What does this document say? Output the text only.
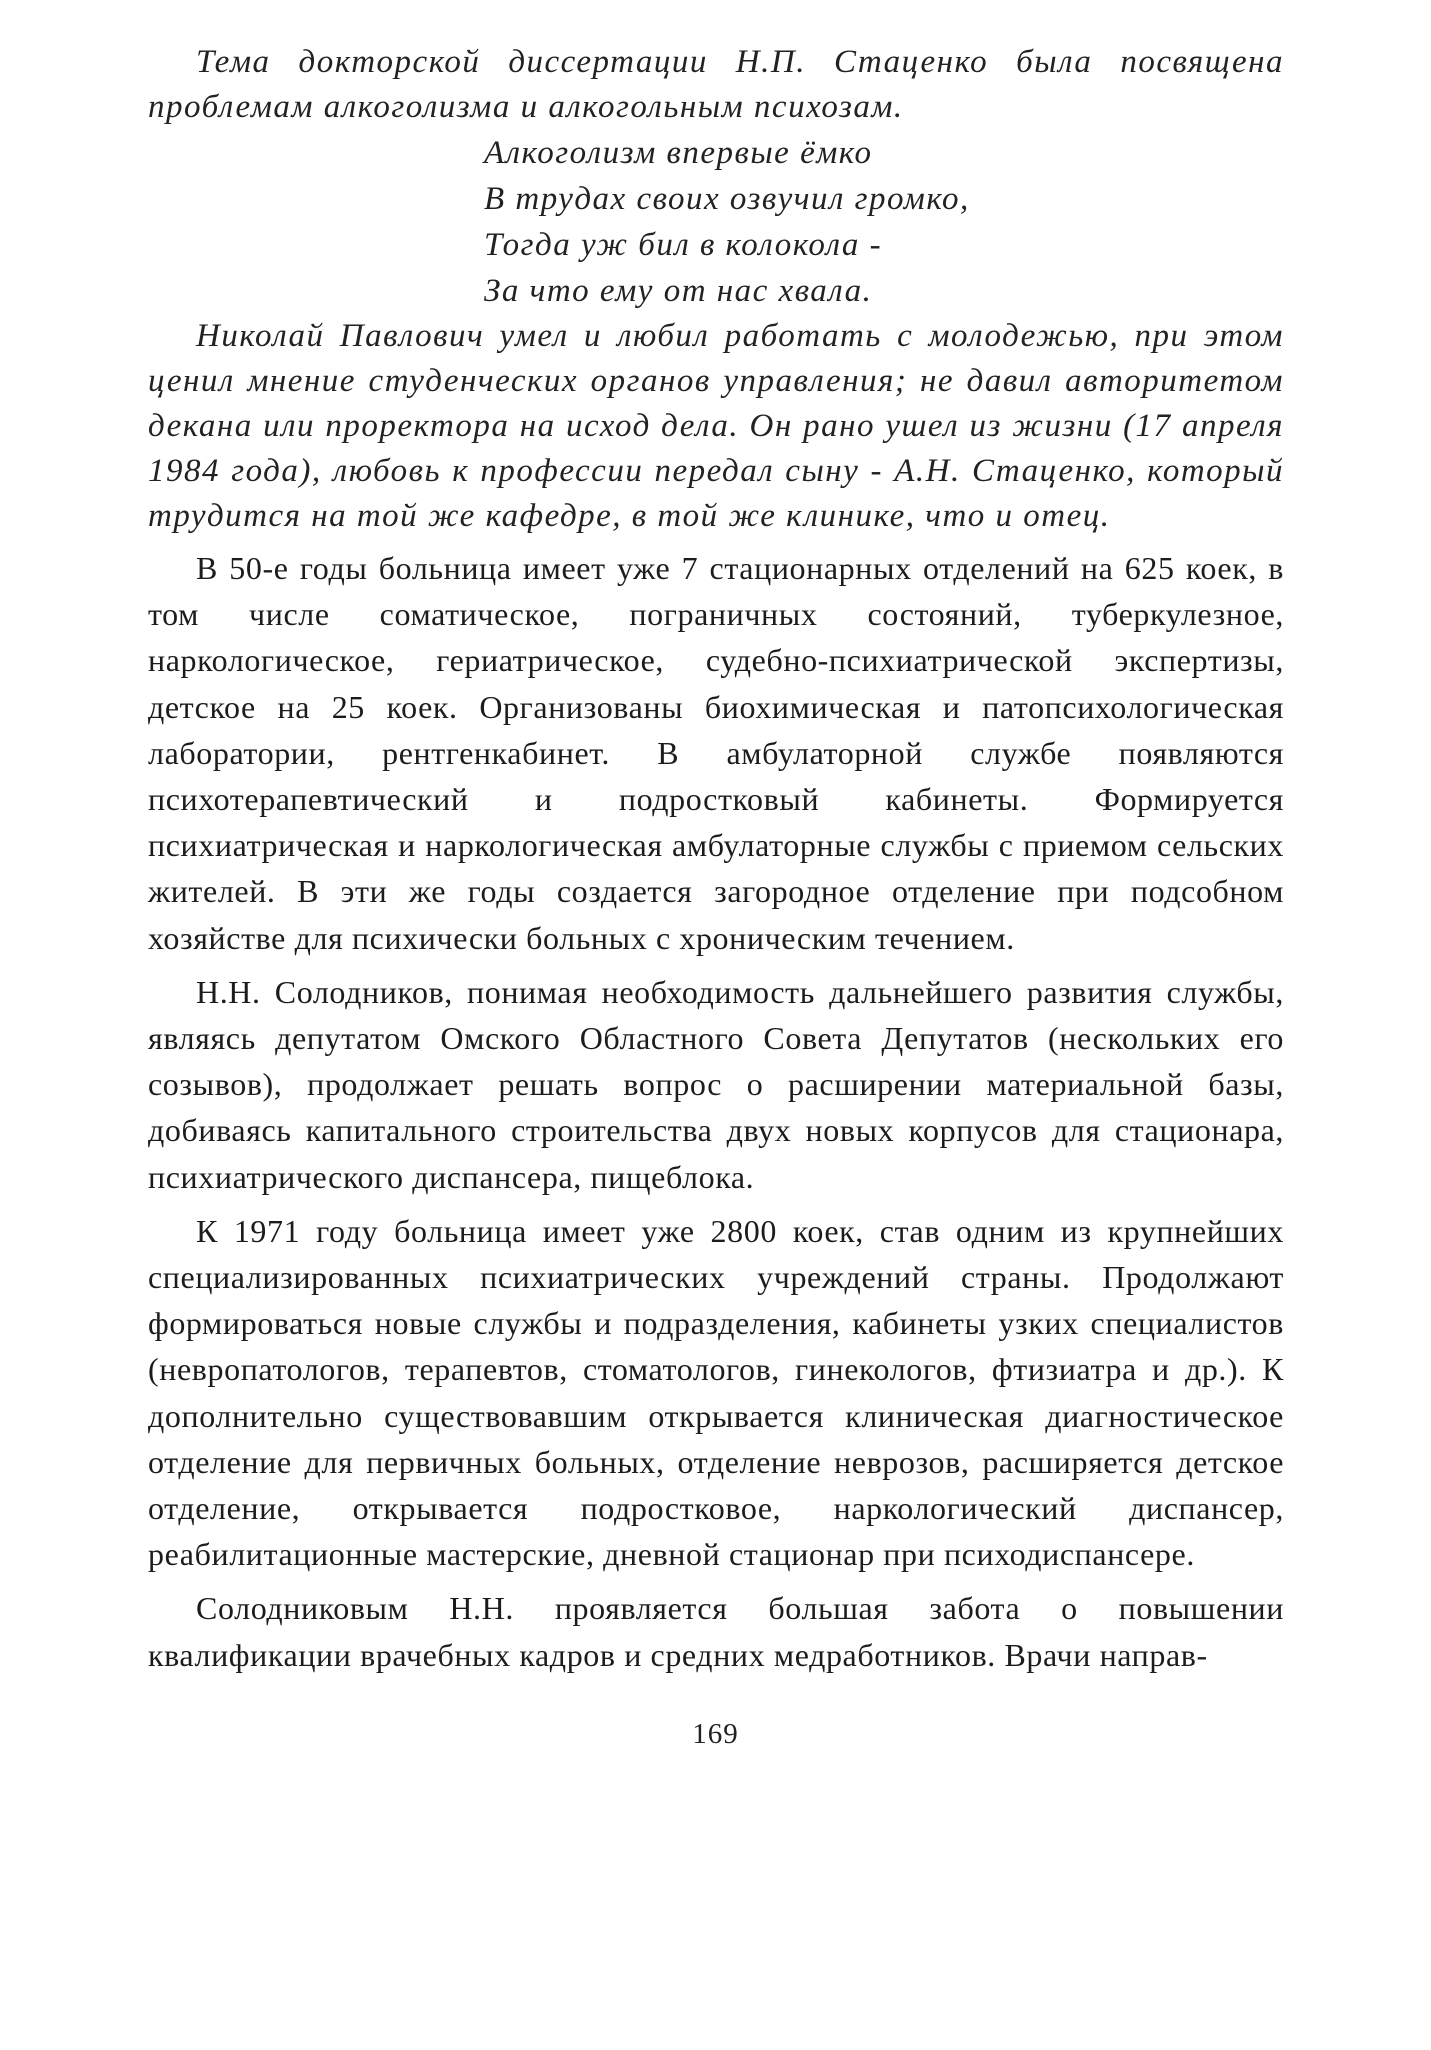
Тема докторской диссертации Н.П. Стаценко была посвящена проблемам алкоголизма и алкогольным психозам.

Алкоголизм впервые ёмко
В трудах своих озвучил громко,
Тогда уж бил в колокола -
За что ему от нас хвала.

Николай Павлович умел и любил работать с молодежью, при этом ценил мнение студенческих органов управления; не давил авторитетом декана или проректора на исход дела. Он рано ушел из жизни (17 апреля 1984 года), любовь к профессии передал сыну - А.Н. Стаценко, который трудится на той же кафедре, в той же клинике, что и отец.

В 50-е годы больница имеет уже 7 стационарных отделений на 625 коек, в том числе соматическое, пограничных состояний, туберкулезное, наркологическое, гериатрическое, судебно-психиатрической экспертизы, детское на 25 коек. Организованы биохимическая и патопсихологическая лаборатории, рентгенкабинет. В амбулаторной службе появляются психотерапевтический и подростковый кабинеты. Формируется психиатрическая и наркологическая амбулаторные службы с приемом сельских жителей. В эти же годы создается загородное отделение при подсобном хозяйстве для психически больных с хроническим течением.

Н.Н. Солодников, понимая необходимость дальнейшего развития службы, являясь депутатом Омского Областного Совета Депутатов (нескольких его созывов), продолжает решать вопрос о расширении материальной базы, добиваясь капитального строительства двух новых корпусов для стационара, психиатрического диспансера, пищеблока.

К 1971 году больница имеет уже 2800 коек, став одним из крупнейших специализированных психиатрических учреждений страны. Продолжают формироваться новые службы и подразделения, кабинеты узких специалистов (невропатологов, терапевтов, стоматологов, гинекологов, фтизиатра и др.). К дополнительно существовавшим открывается клиническая диагностическое отделение для первичных больных, отделение неврозов, расширяется детское отделение, открывается подростковое, наркологический диспансер, реабилитационные мастерские, дневной стационар при психодиспансере.

Солодниковым Н.Н. проявляется большая забота о повышении квалификации врачебных кадров и средних медработников. Врачи направ-

169
